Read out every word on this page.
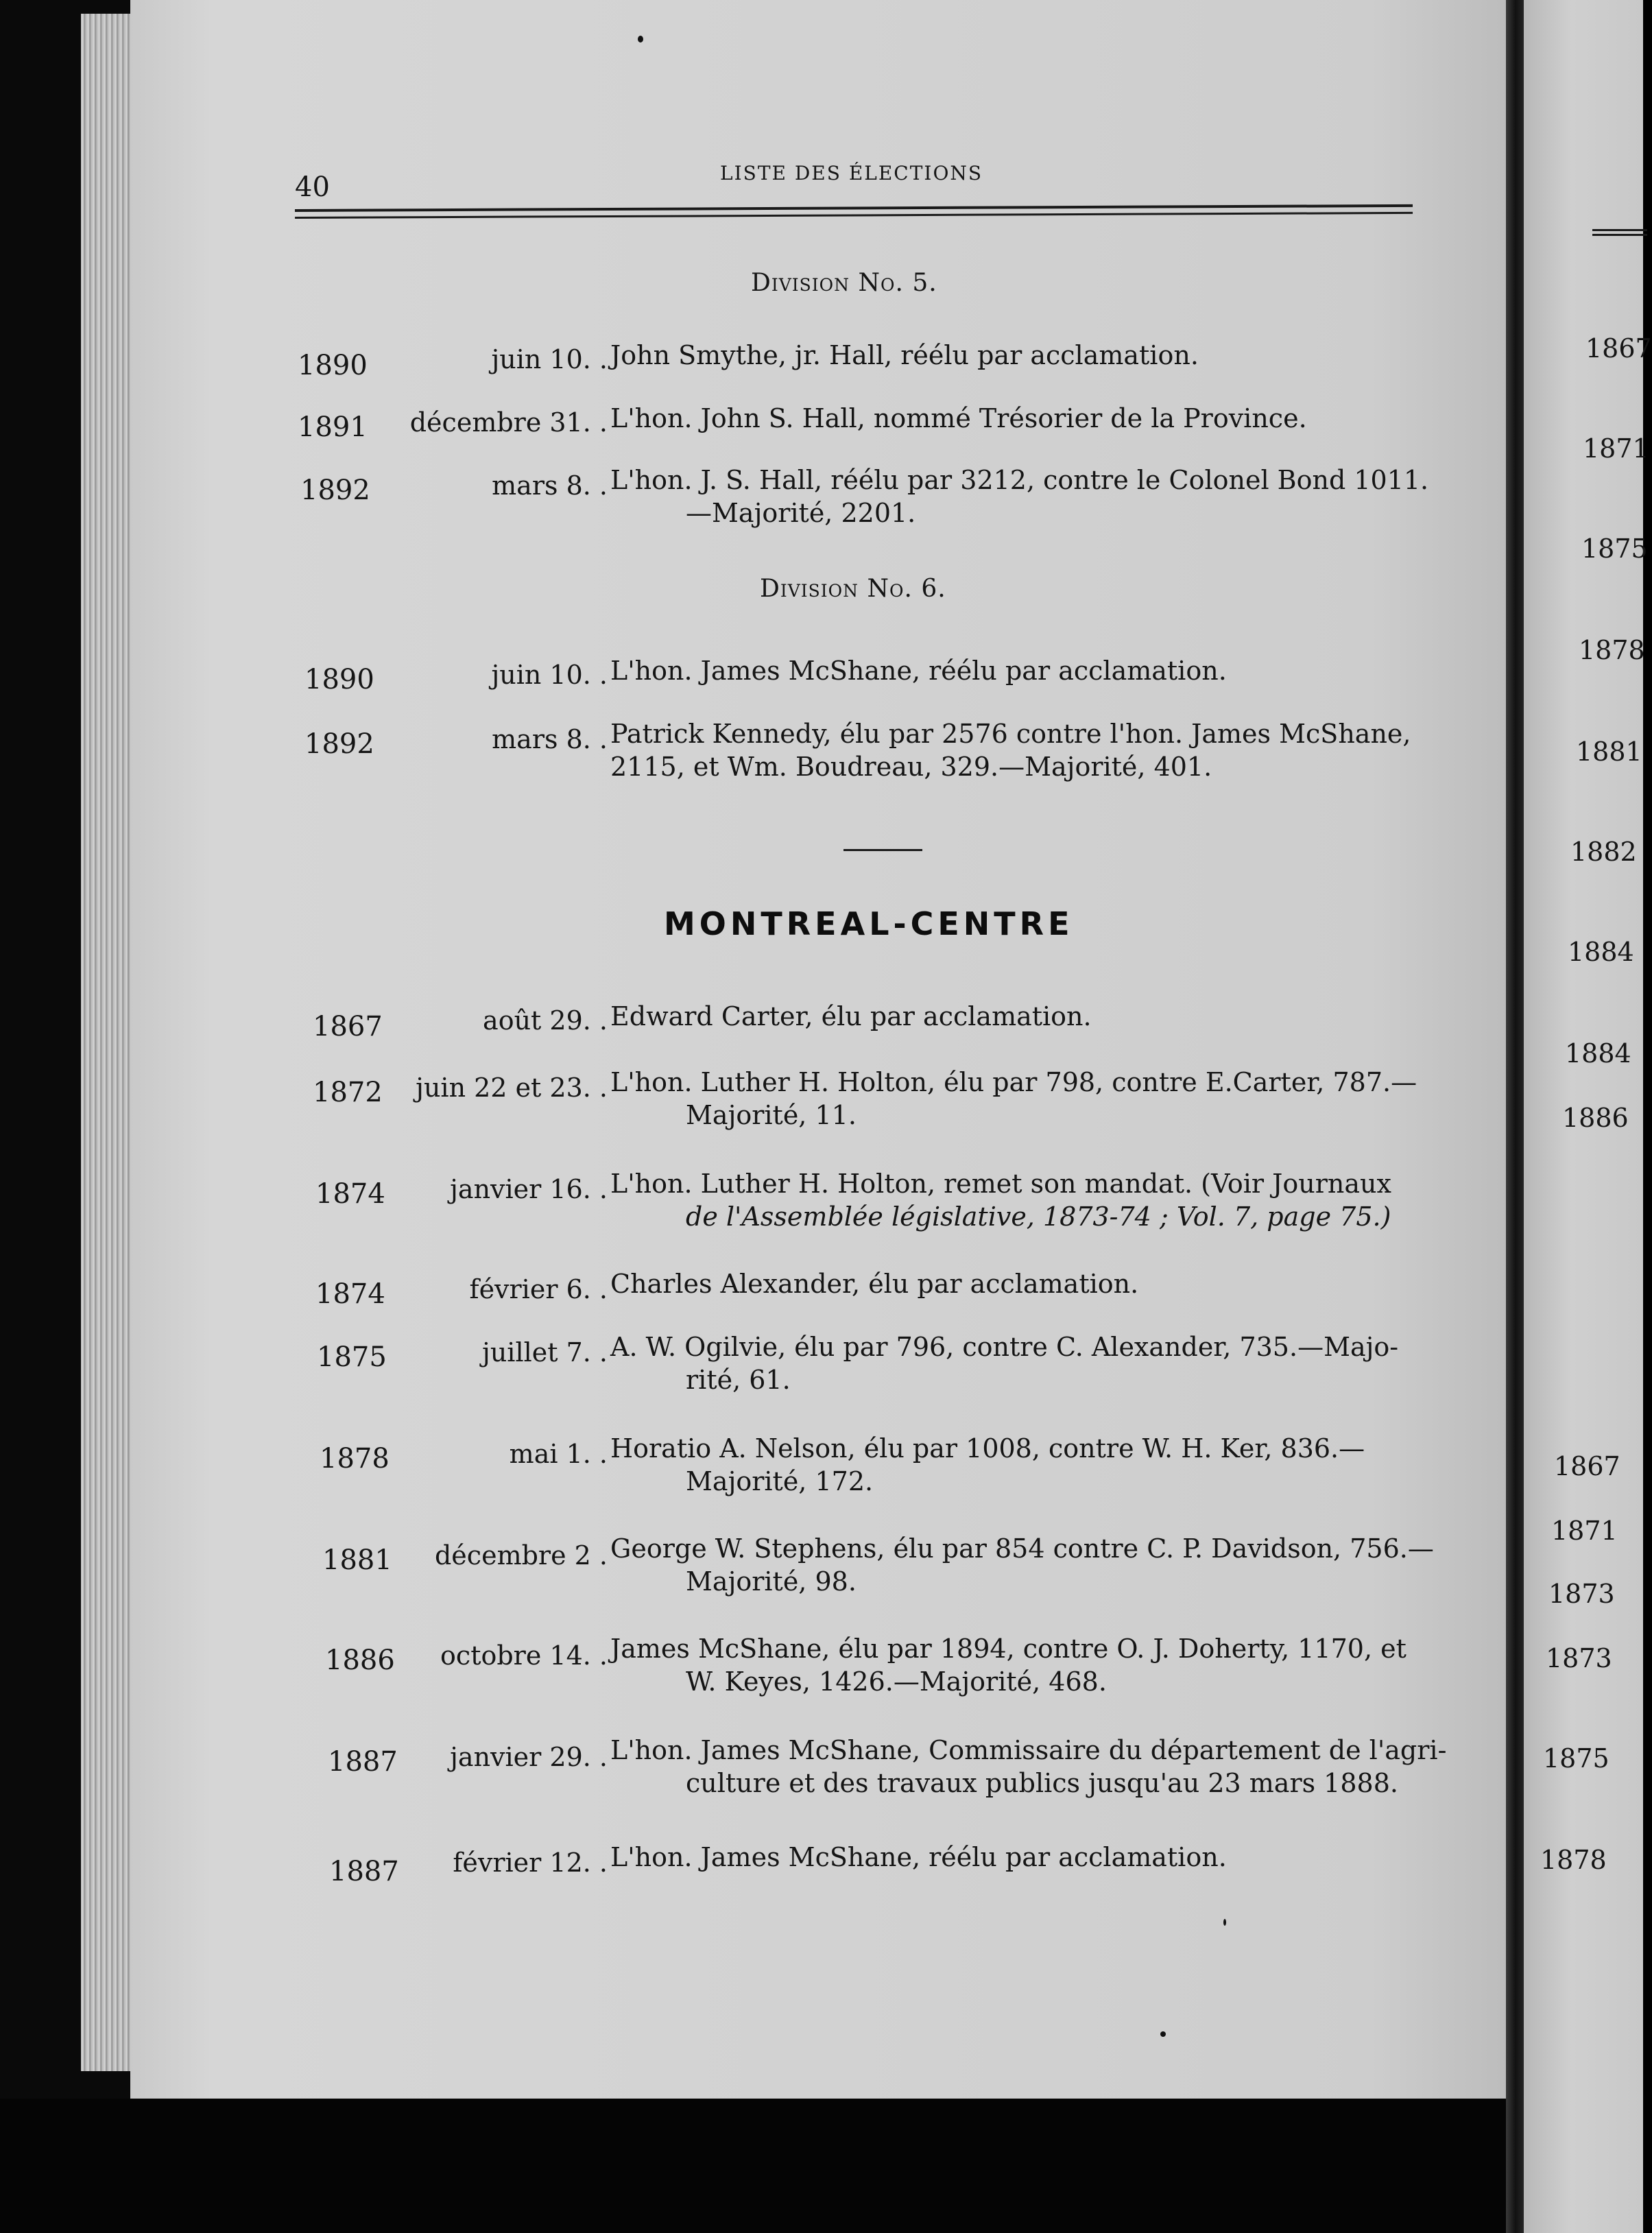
40	LISTE DES ÉLECTIONS
Division No. 5.
1890	juin 10. . John Smythe, jr. Hall, réélu par acclamation.
1891 décembre 31. . L'hon. John S. Hall, nommé Trésorier de la Province.
1892	mars 8. . L'hon. J. S. Hall, réélu par 3212, contre le Colonel Bond 1011.
—Majorité, 2201.
Division No. 6.
1890	juin 10. . L'hon. James McShane, réélu par acclamation.
1892	mars 8. . Patrick Kennedy, élu par 2576 contre l'hon. James McShane,
2115, et Wm. Boudreau, 329.—Majorité, 401.
MONTREAL-CENTRE
1867	août 29. . Edward Carter, élu par acclamation.
1872 juin 22 et 23. . L'hon. Luther H. Holton, élu par 798, contre E.Carter, 787.—
Majorité, 11.
1874 janvier 16. . L'hon. Luther H. Holton, remet son mandat. (Voir Journaux
de l'Assemblée législative, 1873-74 ; Vol. 7, page 75.)
1874	février 6. . Charles Alexander, élu par acclamation.
1875	juillet 7. . A. W. Ogilvie, élu par 796, contre C. Alexander, 735.—Majo-
rité, 61.
1878	mai 1. . Horatio A. Nelson, élu par 1008, contre W. H. Ker, 836.—
Majorité, 172.
1881 décembre 2 . George W. Stephens, élu par 854 contre C. P. Davidson, 756.—
Majorité, 98.
1886 octobre 14. . James McShane, élu par 1894, contre O. J. Doherty, 1170, et
W. Keyes, 1426.—Majorité, 468.
1887 janvier 29. . L'hon. James McShane, Commissaire du département de l'agri-
culture et des travaux publics jusqu'au 23 mars 1888.
1887 février 12. . L'hon. James McShane, réélu par acclamation.
1867
1871
1875
1878
1881
1882
1884
1884
1886
1867
1871
1873
1873
1875
1878
